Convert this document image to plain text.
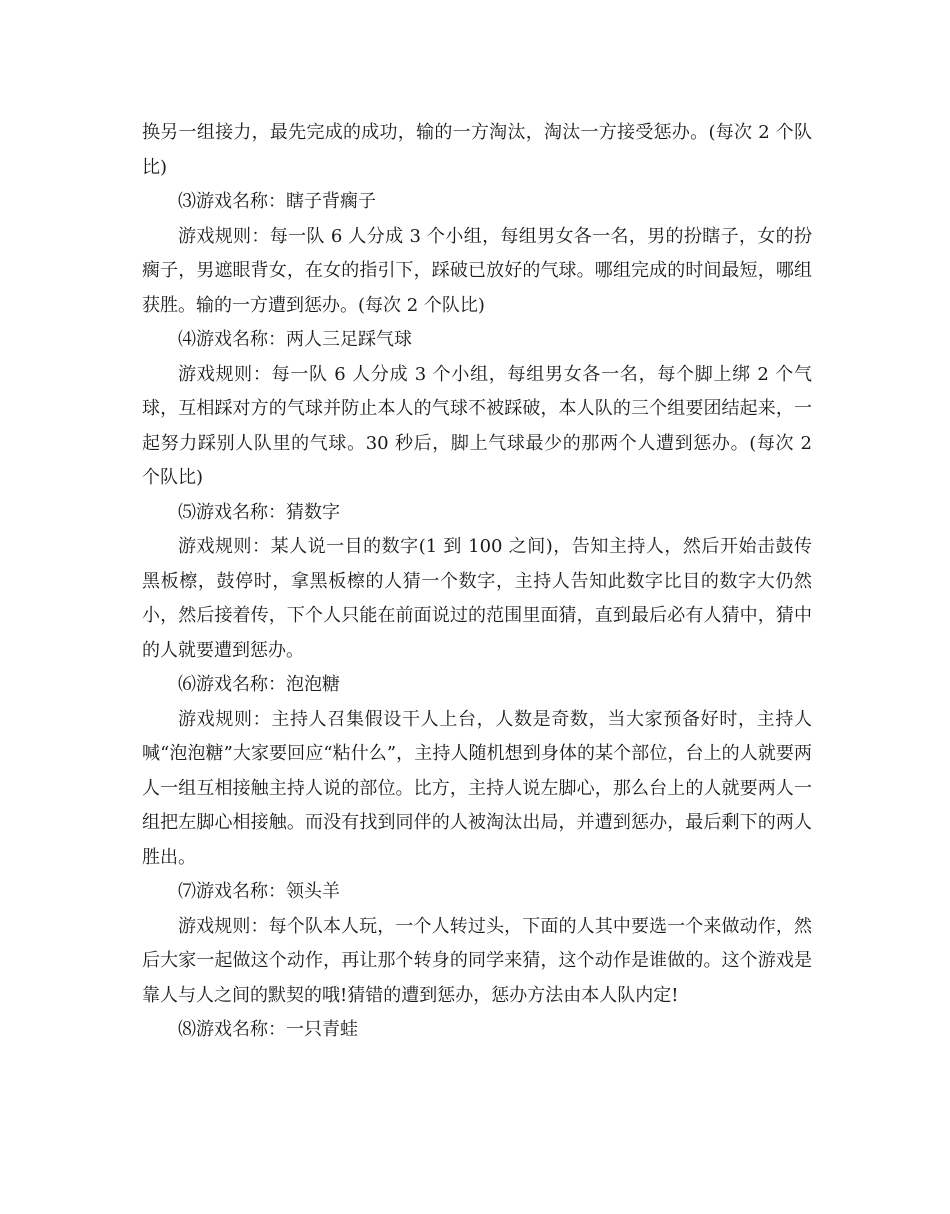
换另一组接力，最先完成的成功，输的一方淘汰，淘汰一方接受惩办。(每次 2 个队比)

⑶游戏名称：瞎子背瘸子

游戏规则：每一队 6 人分成 3 个小组，每组男女各一名，男的扮瞎子，女的扮瘸子，男遮眼背女，在女的指引下，踩破已放好的气球。哪组完成的时间最短，哪组获胜。输的一方遭到惩办。(每次 2 个队比)

⑷游戏名称：两人三足踩气球

游戏规则：每一队 6 人分成 3 个小组，每组男女各一名，每个脚上绑 2 个气球，互相踩对方的气球并防止本人的气球不被踩破，本人队的三个组要团结起来，一起努力踩别人队里的气球。30 秒后，脚上气球最少的那两个人遭到惩办。(每次 2 个队比)

⑸游戏名称：猜数字

游戏规则：某人说一目的数字(1 到 100 之间)，告知主持人，然后开始击鼓传黑板檫，鼓停时，拿黑板檫的人猜一个数字，主持人告知此数字比目的数字大仍然小，然后接着传，下个人只能在前面说过的范围里面猜，直到最后必有人猜中，猜中的人就要遭到惩办。

⑹游戏名称：泡泡糖

游戏规则：主持人召集假设干人上台，人数是奇数，当大家预备好时，主持人喊“泡泡糖”大家要回应“粘什么”，主持人随机想到身体的某个部位，台上的人就要两人一组互相接触主持人说的部位。比方，主持人说左脚心，那么台上的人就要两人一组把左脚心相接触。而没有找到同伴的人被淘汰出局，并遭到惩办，最后剩下的两人胜出。

⑺游戏名称：领头羊

游戏规则：每个队本人玩，一个人转过头，下面的人其中要选一个来做动作，然后大家一起做这个动作，再让那个转身的同学来猜，这个动作是谁做的。这个游戏是靠人与人之间的默契的哦!猜错的遭到惩办，惩办方法由本人队内定!

⑻游戏名称：一只青蛙
